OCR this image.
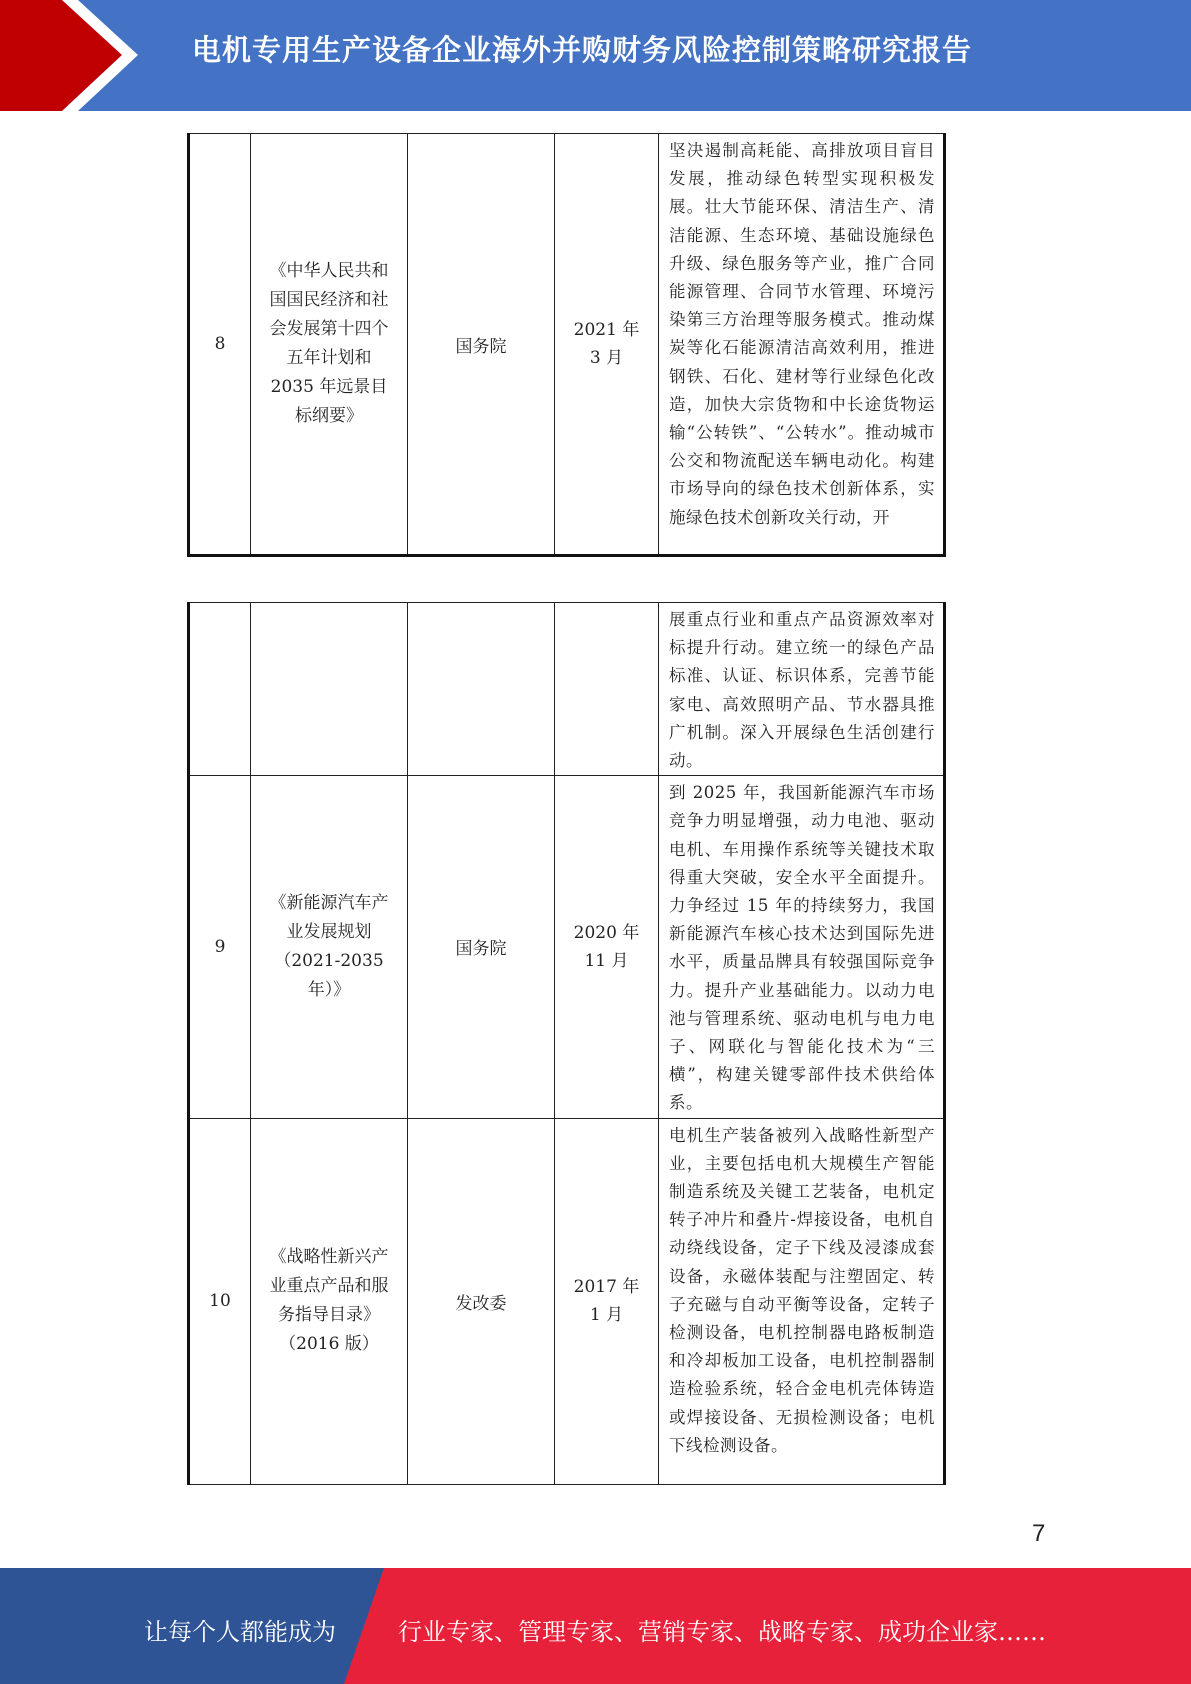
电机专用生产设备企业海外并购财务风险控制策略研究报告
8	《中华人民共和国国民经济和社会发展第十四个五年计划和 2035 年远景目标纲要》	国务院	2021 年 3 月	坚决遏制高耗能、高排放项目盲目发展，推动绿色转型实现积极发展。壮大节能环保、清洁生产、清洁能源、生态环境、基础设施绿色升级、绿色服务等产业，推广合同能源管理、合同节水管理、环境污染第三方治理等服务模式。推动煤炭等化石能源清洁高效利用，推进钢铁、石化、建材等行业绿色化改造，加快大宗货物和中长途货物运输“公转铁”、“公转水”。推动城市公交和物流配送车辆电动化。构建市场导向的绿色技术创新体系，实施绿色技术创新攻关行动，开
				展重点行业和重点产品资源效率对标提升行动。建立统一的绿色产品标准、认证、标识体系，完善节能家电、高效照明产品、节水器具推广机制。深入开展绿色生活创建行动。
9	《新能源汽车产业发展规划（2021-2035 年）》	国务院	2020 年 11 月	到 2025 年，我国新能源汽车市场竞争力明显增强，动力电池、驱动电机、车用操作系统等关键技术取得重大突破，安全水平全面提升。力争经过 15 年的持续努力，我国新能源汽车核心技术达到国际先进水平，质量品牌具有较强国际竞争力。提升产业基础能力。以动力电池与管理系统、驱动电机与电力电子、网联化与智能化技术为“三横”，构建关键零部件技术供给体系。
10	《战略性新兴产业重点产品和服务指导目录》（2016 版）	发改委	2017 年 1 月	电机生产装备被列入战略性新型产业，主要包括电机大规模生产智能制造系统及关键工艺装备，电机定转子冲片和叠片-焊接设备，电机自动绕线设备，定子下线及浸漆成套设备，永磁体装配与注塑固定、转子充磁与自动平衡等设备，定转子检测设备，电机控制器电路板制造和冷却板加工设备，电机控制器制造检验系统，轻合金电机壳体铸造或焊接设备、无损检测设备；电机下线检测设备。
7
让每个人都能成为	行业专家、管理专家、营销专家、战略专家、成功企业家……
